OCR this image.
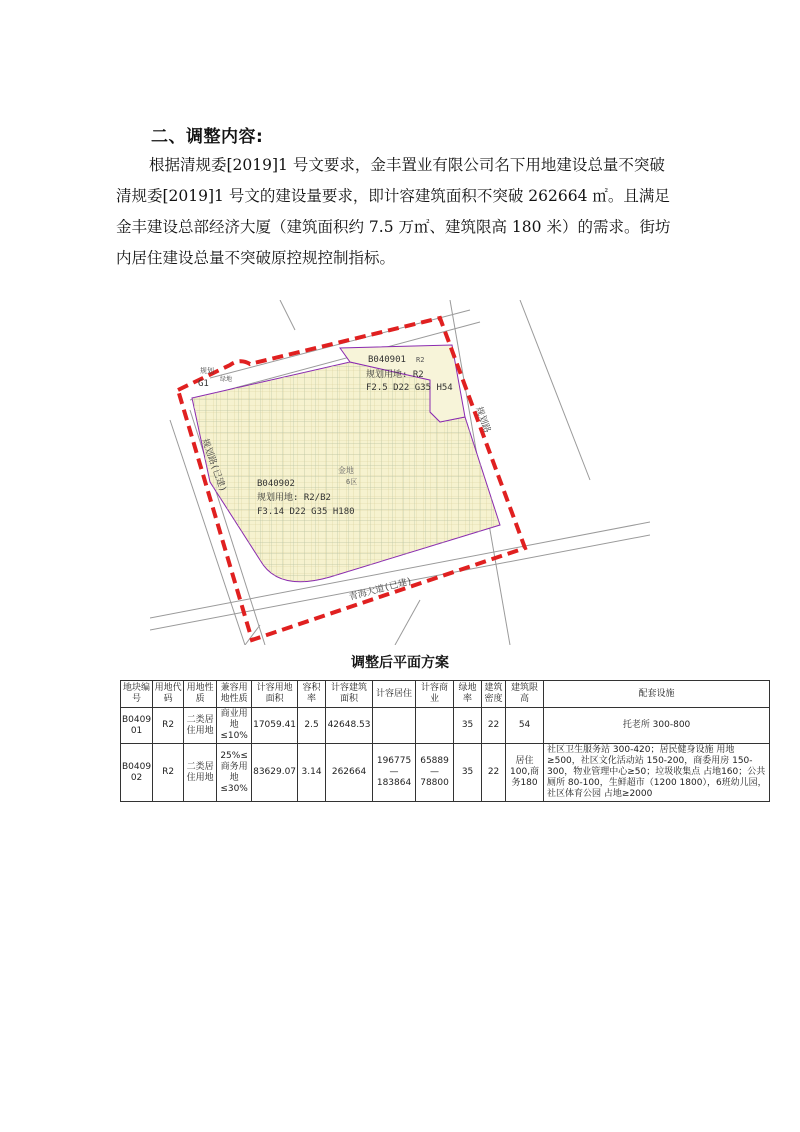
二、调整内容:
根据清规委[2019]1 号文要求，金丰置业有限公司名下用地建设总量不突破
清规委[2019]1 号文的建设量要求，即计容建筑面积不突破 262664 ㎡。且满足
金丰建设总部经济大厦（建筑面积约 7.5 万㎡、建筑限高 180 米）的需求。街坊
内居住建设总量不突破原控规控制指标。
B040901 R2
规划用地: R2
F2.5 D22 G35 H54
金地
6区
B040902
规划用地: R2/B2
F3.14 D22 G35 H180
G1
规划
绿地
青海大道(已建)
规划路(已建)
规划路
调整后平面方案
地块编号	用地代码	用地性质	兼容用地性质	计容用地面积	容积率	计容建筑面积	计容居住	计容商业	绿地率	建筑密度	建筑限高	配套设施
B0409 01	R2	二类居住用地	商业用地≤10%	17059.41	2.5	42648.53			35	22	54	托老所 300-800
B0409 02	R2	二类居住用地	25%≤商务用地≤30%	83629.07	3.14	262664	196775—183864	65889—78800	35	22	居住100,商务180	社区卫生服务站 300-420；居民健身设施 用地≥500，社区文化活动站 150-200，商委用房 150-300，物业管理中心≥50；垃圾收集点 占地160；公共厕所 80-100，生鲜超市（1200 1800），6班幼儿园，社区体育公园 占地≥2000
